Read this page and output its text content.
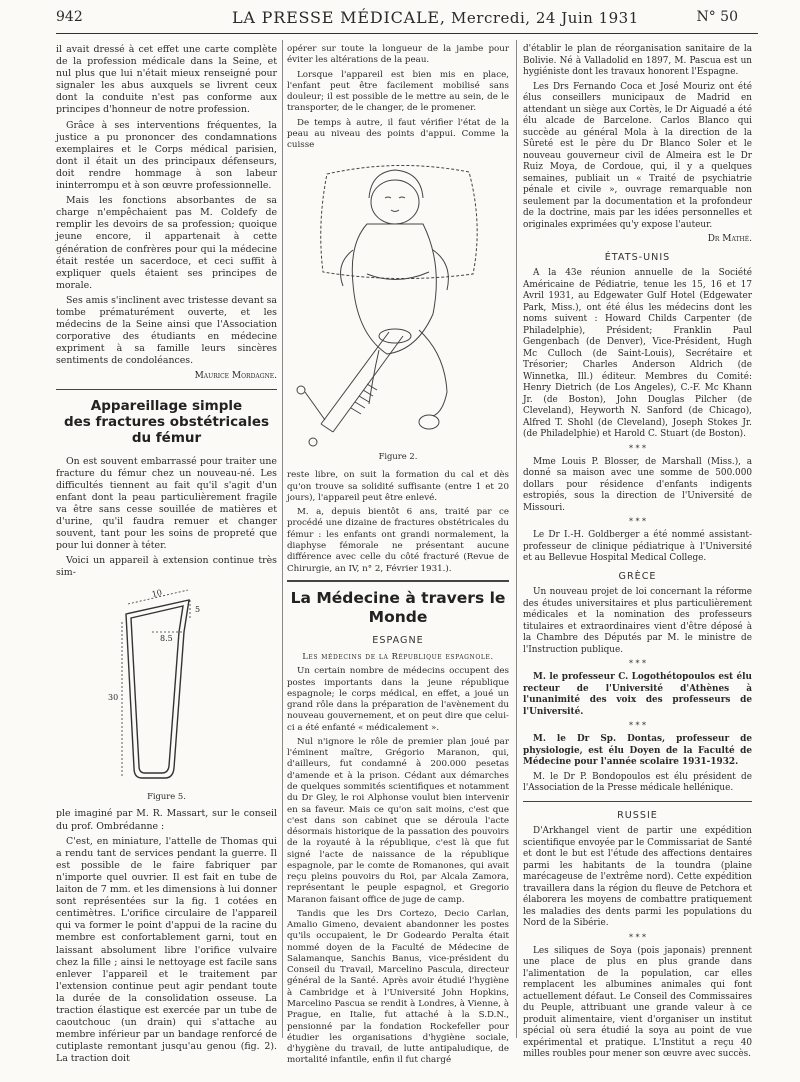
942	LA PRESSE MÉDICALE, Mercredi, 24 Juin 1931	N° 50

il avait dressé à cet effet une carte complète de la profession médicale dans la Seine, et nul plus que lui n'était mieux renseigné pour signaler les abus auxquels se livrent ceux dont la conduite n'est pas conforme aux principes d'honneur de notre profession.

Grâce à ses interventions fréquentes, la justice a pu prononcer des condamnations exemplaires et le Corps médical parisien, dont il était un des principaux défenseurs, doit rendre hommage à son labeur ininterrompu et à son œuvre professionnelle.

Mais les fonctions absorbantes de sa charge n'empêchaient pas M. Coldefy de remplir les devoirs de sa profession; quoique jeune encore, il appartenait à cette génération de confrères pour qui la médecine était restée un sacerdoce, et ceci suffit à expliquer quels étaient ses principes de morale.

Ses amis s'inclinent avec tristesse devant sa tombe prématurément ouverte, et les médecins de la Seine ainsi que l'Association corporative des étudiants en médecine expriment à sa famille leurs sincères sentiments de condoléances.

Maurice Mordagne.
Appareillage simple
des fractures obstétricales du fémur

On est souvent embarrassé pour traiter une fracture du fémur chez un nouveau-né. Les difficultés tiennent au fait qu'il s'agit d'un enfant dont la peau particulièrement fragile va être sans cesse souillée de matières et d'urine, qu'il faudra remuer et changer souvent, tant pour les soins de propreté que pour lui donner à téter.

Voici un appareil à extension continue très sim-

10
5
8.5
30
Figure 5.

ple imaginé par M. R. Massart, sur le conseil du prof. Ombrédanne :

C'est, en miniature, l'attelle de Thomas qui a rendu tant de services pendant la guerre. Il est possible de le faire fabriquer par n'importe quel ouvrier. Il est fait en tube de laiton de 7 mm. et les dimensions à lui donner sont représentées sur la fig. 1 cotées en centimètres. L'orifice circulaire de l'appareil qui va former le point d'appui de la racine du membre est confortablement garni, tout en laissant absolument libre l'orifice vulvaire chez la fille ; ainsi le nettoyage est facile sans enlever l'appareil et le traitement par l'extension continue peut agir pendant toute la durée de la consolidation osseuse. La traction élastique est exercée par un tube de caoutchouc (un drain) qui s'attache au membre inférieur par un bandage renforcé de cutiplaste remontant jusqu'au genou (fig. 2). La traction doit

opérer sur toute la longueur de la jambe pour éviter les altérations de la peau.

Lorsque l'appareil est bien mis en place, l'enfant peut être facilement mobilisé sans douleur; il est possible de le mettre au sein, de le transporter, de le changer, de le promener.

De temps à autre, il faut vérifier l'état de la peau au niveau des points d'appui. Comme la cuisse

Figure 2.

reste libre, on suit la formation du cal et dès qu'on trouve sa solidité suffisante (entre 1 et 20 jours), l'appareil peut être enlevé.

M. a, depuis bientôt 6 ans, traité par ce procédé une dizaine de fractures obstétricales du fémur : les enfants ont grandi normalement, la diaphyse fémorale ne présentant aucune différence avec celle du côté fracturé (Revue de Chirurgie, an IV, n° 2, Février 1931.).

La Médecine à travers le Monde
ESPAGNE
Les médecins de la République espagnole.

Un certain nombre de médecins occupent des postes importants dans la jeune république espagnole; le corps médical, en effet, a joué un grand rôle dans la préparation de l'avènement du nouveau gouvernement, et on peut dire que celui-ci a été enfanté « médicalement ».

Nul n'ignore le rôle de premier plan joué par l'éminent maître, Grégorio Maranon, qui, d'ailleurs, fut condamné à 200.000 pesetas d'amende et à la prison. Cédant aux démarches de quelques sommités scientifiques et notamment du Dr Gley, le roi Alphonse voulut bien intervenir en sa faveur. Mais ce qu'on sait moins, c'est que c'est dans son cabinet que se déroula l'acte désormais historique de la passation des pouvoirs de la royauté à la république, c'est là que fut signé l'acte de naissance de la république espagnole, par le comte de Romanones, qui avait reçu pleins pouvoirs du Roi, par Alcala Zamora, représentant le peuple espagnol, et Gregorio Maranon faisant office de juge de camp.

Tandis que les Drs Cortezo, Decio Carlan, Amalio Gimeno, devaient abandonner les postes qu'ils occupaient, le Dr Godeardo Peralta était nommé doyen de la Faculté de Médecine de Salamanque, Sanchis Banus, vice-président du Conseil du Travail, Marcelino Pascula, directeur général de la Santé. Après avoir étudié l'hygiène à Cambridge et à l'Université John Hopkins, Marcelino Pascua se rendit à Londres, à Vienne, à Prague, en Italie, fut attaché à la S.D.N., pensionné par la fondation Rockefeller pour étudier les organisations d'hygiène sociale, d'hygiène du travail, de lutte antipaludique, de mortalité infantile, enfin il fut chargé

d'établir le plan de réorganisation sanitaire de la Bolivie. Né à Valladolid en 1897, M. Pascua est un hygiéniste dont les travaux honorent l'Espagne.

Les Drs Fernando Coca et José Mouriz ont été élus conseillers municipaux de Madrid en attendant un siège aux Cortès, le Dr Aiguadé a été élu alcade de Barcelone. Carlos Blanco qui succède au général Mola à la direction de la Sûreté est le père du Dr Blanco Soler et le nouveau gouverneur civil de Almeira est le Dr Ruiz Moya, de Cordoue, qui, il y a quelques semaines, publiait un « Traité de psychiatrie pénale et civile », ouvrage remarquable non seulement par la documentation et la profondeur de la doctrine, mais par les idées personnelles et originales exprimées qu'y expose l'auteur.

Dr Mathé.
ÉTATS-UNIS

A la 43e réunion annuelle de la Société Américaine de Pédiatrie, tenue les 15, 16 et 17 Avril 1931, au Edgewater Gulf Hotel (Edgewater Park, Miss.), ont été élus les médecins dont les noms suivent : Howard Childs Carpenter (de Philadelphie), Président; Franklin Paul Gengenbach (de Denver), Vice-Président, Hugh Mc Culloch (de Saint-Louis), Secrétaire et Trésorier; Charles Anderson Aldrich (de Winnetka, Ill.) éditeur. Membres du Comité: Henry Dietrich (de Los Angeles), C.-F. Mc Khann Jr. (de Boston), John Douglas Pilcher (de Cleveland), Heyworth N. Sanford (de Chicago), Alfred T. Shohl (de Cleveland), Joseph Stokes Jr. (de Philadelphie) et Harold C. Stuart (de Boston).

* * *

Mme Louis P. Blosser, de Marshall (Miss.), a donné sa maison avec une somme de 500.000 dollars pour résidence d'enfants indigents estropiés, sous la direction de l'Université de Missouri.

* * *

Le Dr I.-H. Goldberger a été nommé assistant-professeur de clinique pédiatrique à l'Université et au Bellevue Hospital Medical College.

GRÈCE

Un nouveau projet de loi concernant la réforme des études universitaires et plus particulièrement médicales et la nomination des professeurs titulaires et extraordinaires vient d'être déposé à la Chambre des Députés par M. le ministre de l'Instruction publique.

* * *

M. le professeur C. Logothétopoulos est élu recteur de l'Université d'Athènes à l'unanimité des voix des professeurs de l'Université.

* * *

M. le Dr Sp. Dontas, professeur de physiologie, est élu Doyen de la Faculté de Médecine pour l'année scolaire 1931-1932.

M. le Dr P. Bondopoulos est élu président de l'Association de la Presse médicale hellénique.

RUSSIE

D'Arkhangel vient de partir une expédition scientifique envoyée par le Commissariat de Santé et dont le but est l'étude des affections dentaires parmi les habitants de la toundra (plaine marécageuse de l'extrême nord). Cette expédition travaillera dans la région du fleuve de Petchora et élaborera les moyens de combattre pratiquement les maladies des dents parmi les populations du Nord de la Sibérie.

* * *

Les siliques de Soya (pois japonais) prennent une place de plus en plus grande dans l'alimentation de la population, car elles remplacent les albumines animales qui font actuellement défaut. Le Conseil des Commissaires du Peuple, attribuant une grande valeur à ce produit alimentaire, vient d'organiser un institut spécial où sera étudié la soya au point de vue expérimental et pratique. L'Institut a reçu 40 milles roubles pour mener son œuvre avec succès.
